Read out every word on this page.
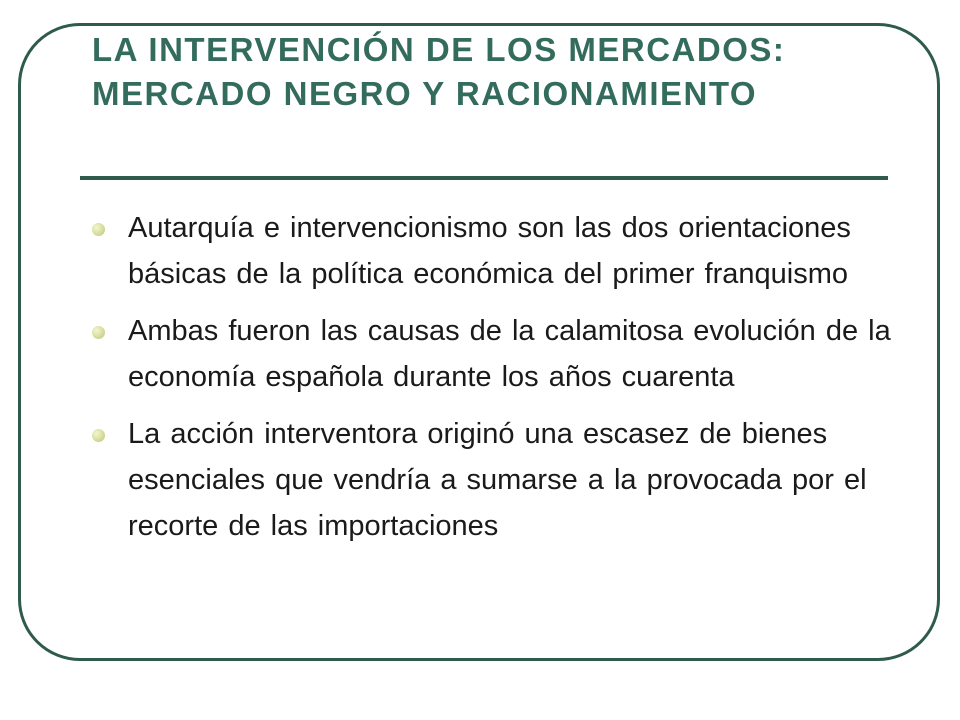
LA INTERVENCIÓN DE LOS MERCADOS: MERCADO NEGRO Y RACIONAMIENTO
Autarquía e intervencionismo son las dos orientaciones básicas de la política económica del primer franquismo
Ambas fueron las causas de la calamitosa evolución de la economía española durante los años cuarenta
La acción interventora originó una escasez de bienes esenciales que vendría a sumarse a la provocada por el recorte de las importaciones
